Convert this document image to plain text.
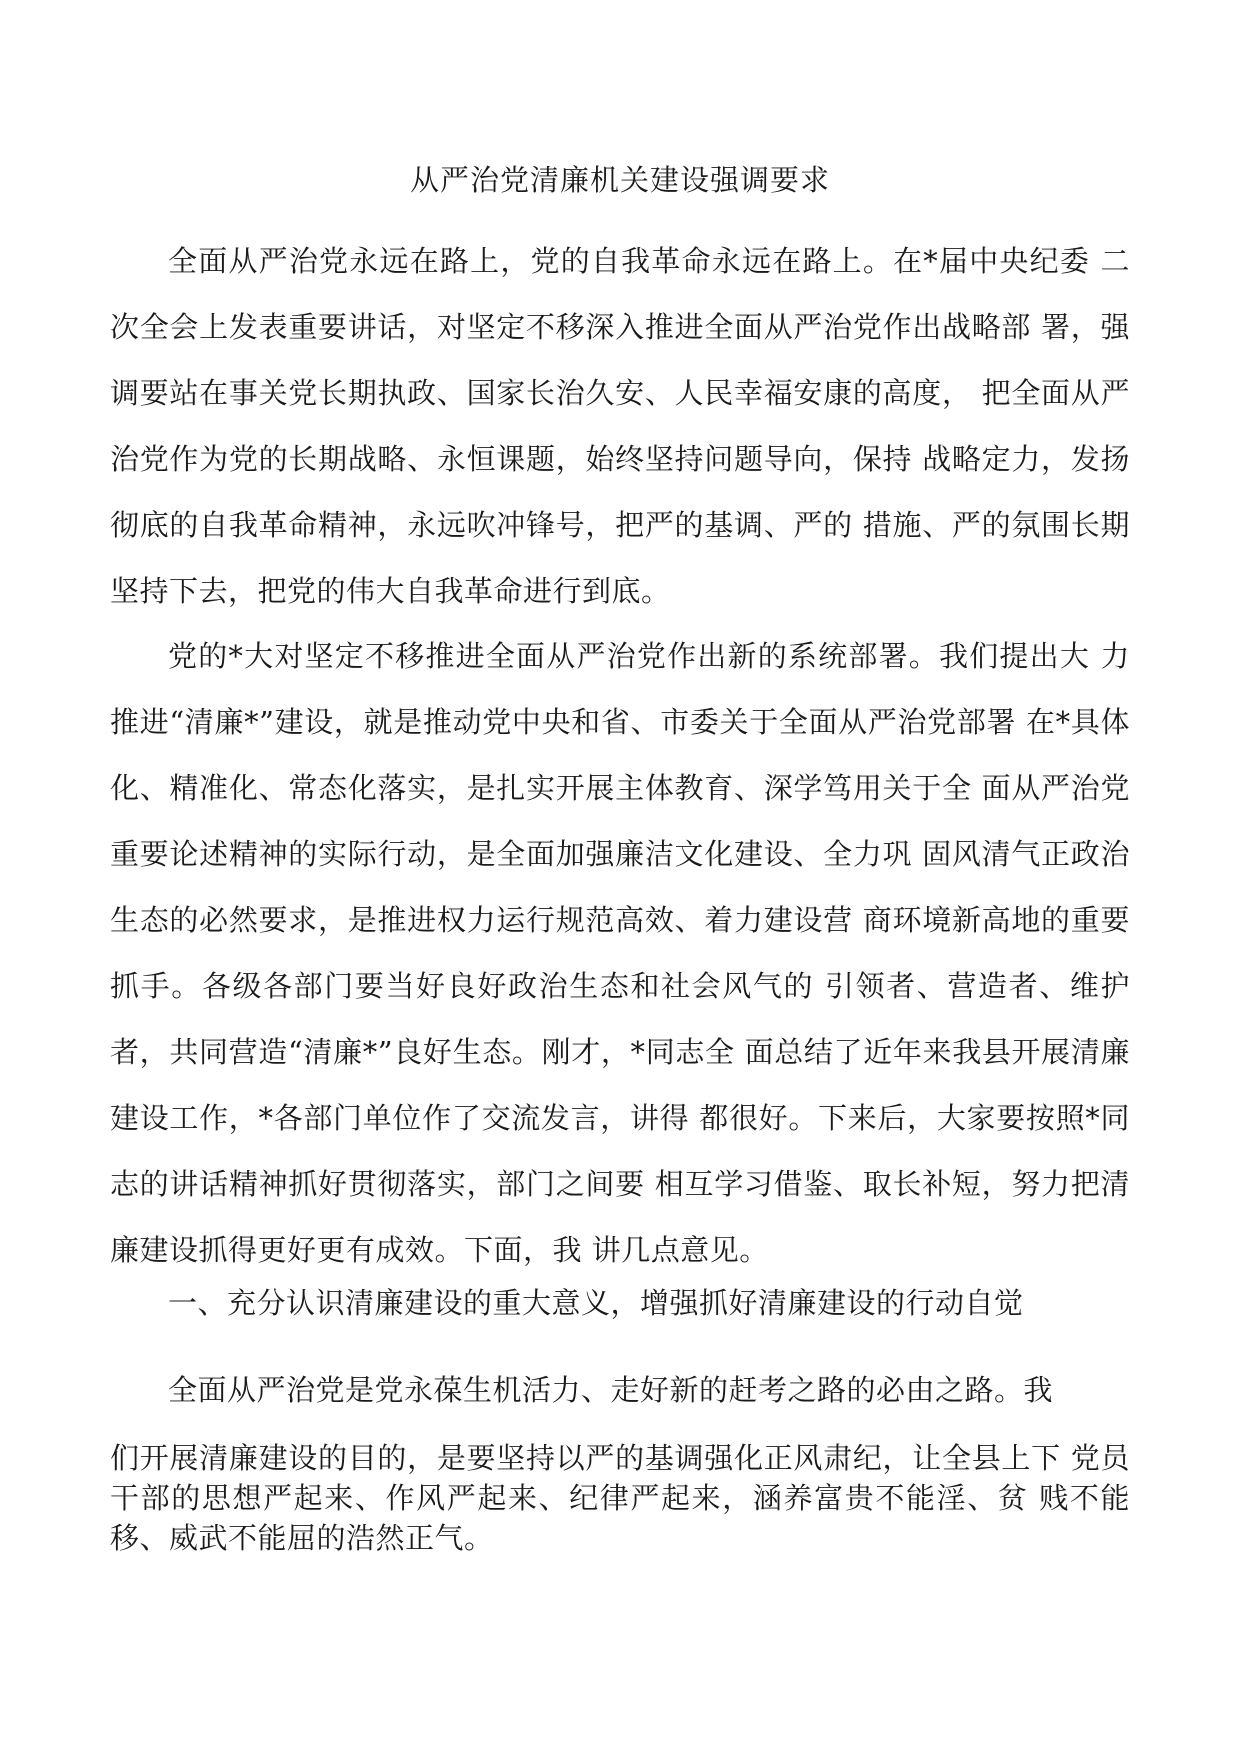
从严治党清廉机关建设强调要求

全面从严治党永远在路上，党的自我革命永远在路上。在*届中央纪委 二次全会上发表重要讲话，对坚定不移深入推进全面从严治党作出战略部 署，强调要站在事关党长期执政、国家长治久安、人民幸福安康的高度， 把全面从严治党作为党的长期战略、永恒课题，始终坚持问题导向，保持 战略定力，发扬彻底的自我革命精神，永远吹冲锋号，把严的基调、严的 措施、严的氛围长期坚持下去，把党的伟大自我革命进行到底。

党的*大对坚定不移推进全面从严治党作出新的系统部署。我们提出大 力推进“清廉*”建设，就是推动党中央和省、市委关于全面从严治党部署 在*具体化、精准化、常态化落实，是扎实开展主体教育、深学笃用关于全 面从严治党重要论述精神的实际行动，是全面加强廉洁文化建设、全力巩 固风清气正政治生态的必然要求，是推进权力运行规范高效、着力建设营 商环境新高地的重要抓手。各级各部门要当好良好政治生态和社会风气的 引领者、营造者、维护者，共同营造“清廉*”良好生态。刚才，*同志全 面总结了近年来我县开展清廉建设工作，*各部门单位作了交流发言，讲得 都很好。下来后，大家要按照*同志的讲话精神抓好贯彻落实，部门之间要 相互学习借鉴、取长补短，努力把清廉建设抓得更好更有成效。下面，我 讲几点意见。

一、充分认识清廉建设的重大意义，增强抓好清廉建设的行动自觉

全面从严治党是党永葆生机活力、走好新的赶考之路的必由之路。我
们开展清廉建设的目的，是要坚持以严的基调强化正风肃纪，让全县上下 党员干部的思想严起来、作风严起来、纪律严起来，涵养富贵不能淫、贫 贱不能移、威武不能屈的浩然正气。
